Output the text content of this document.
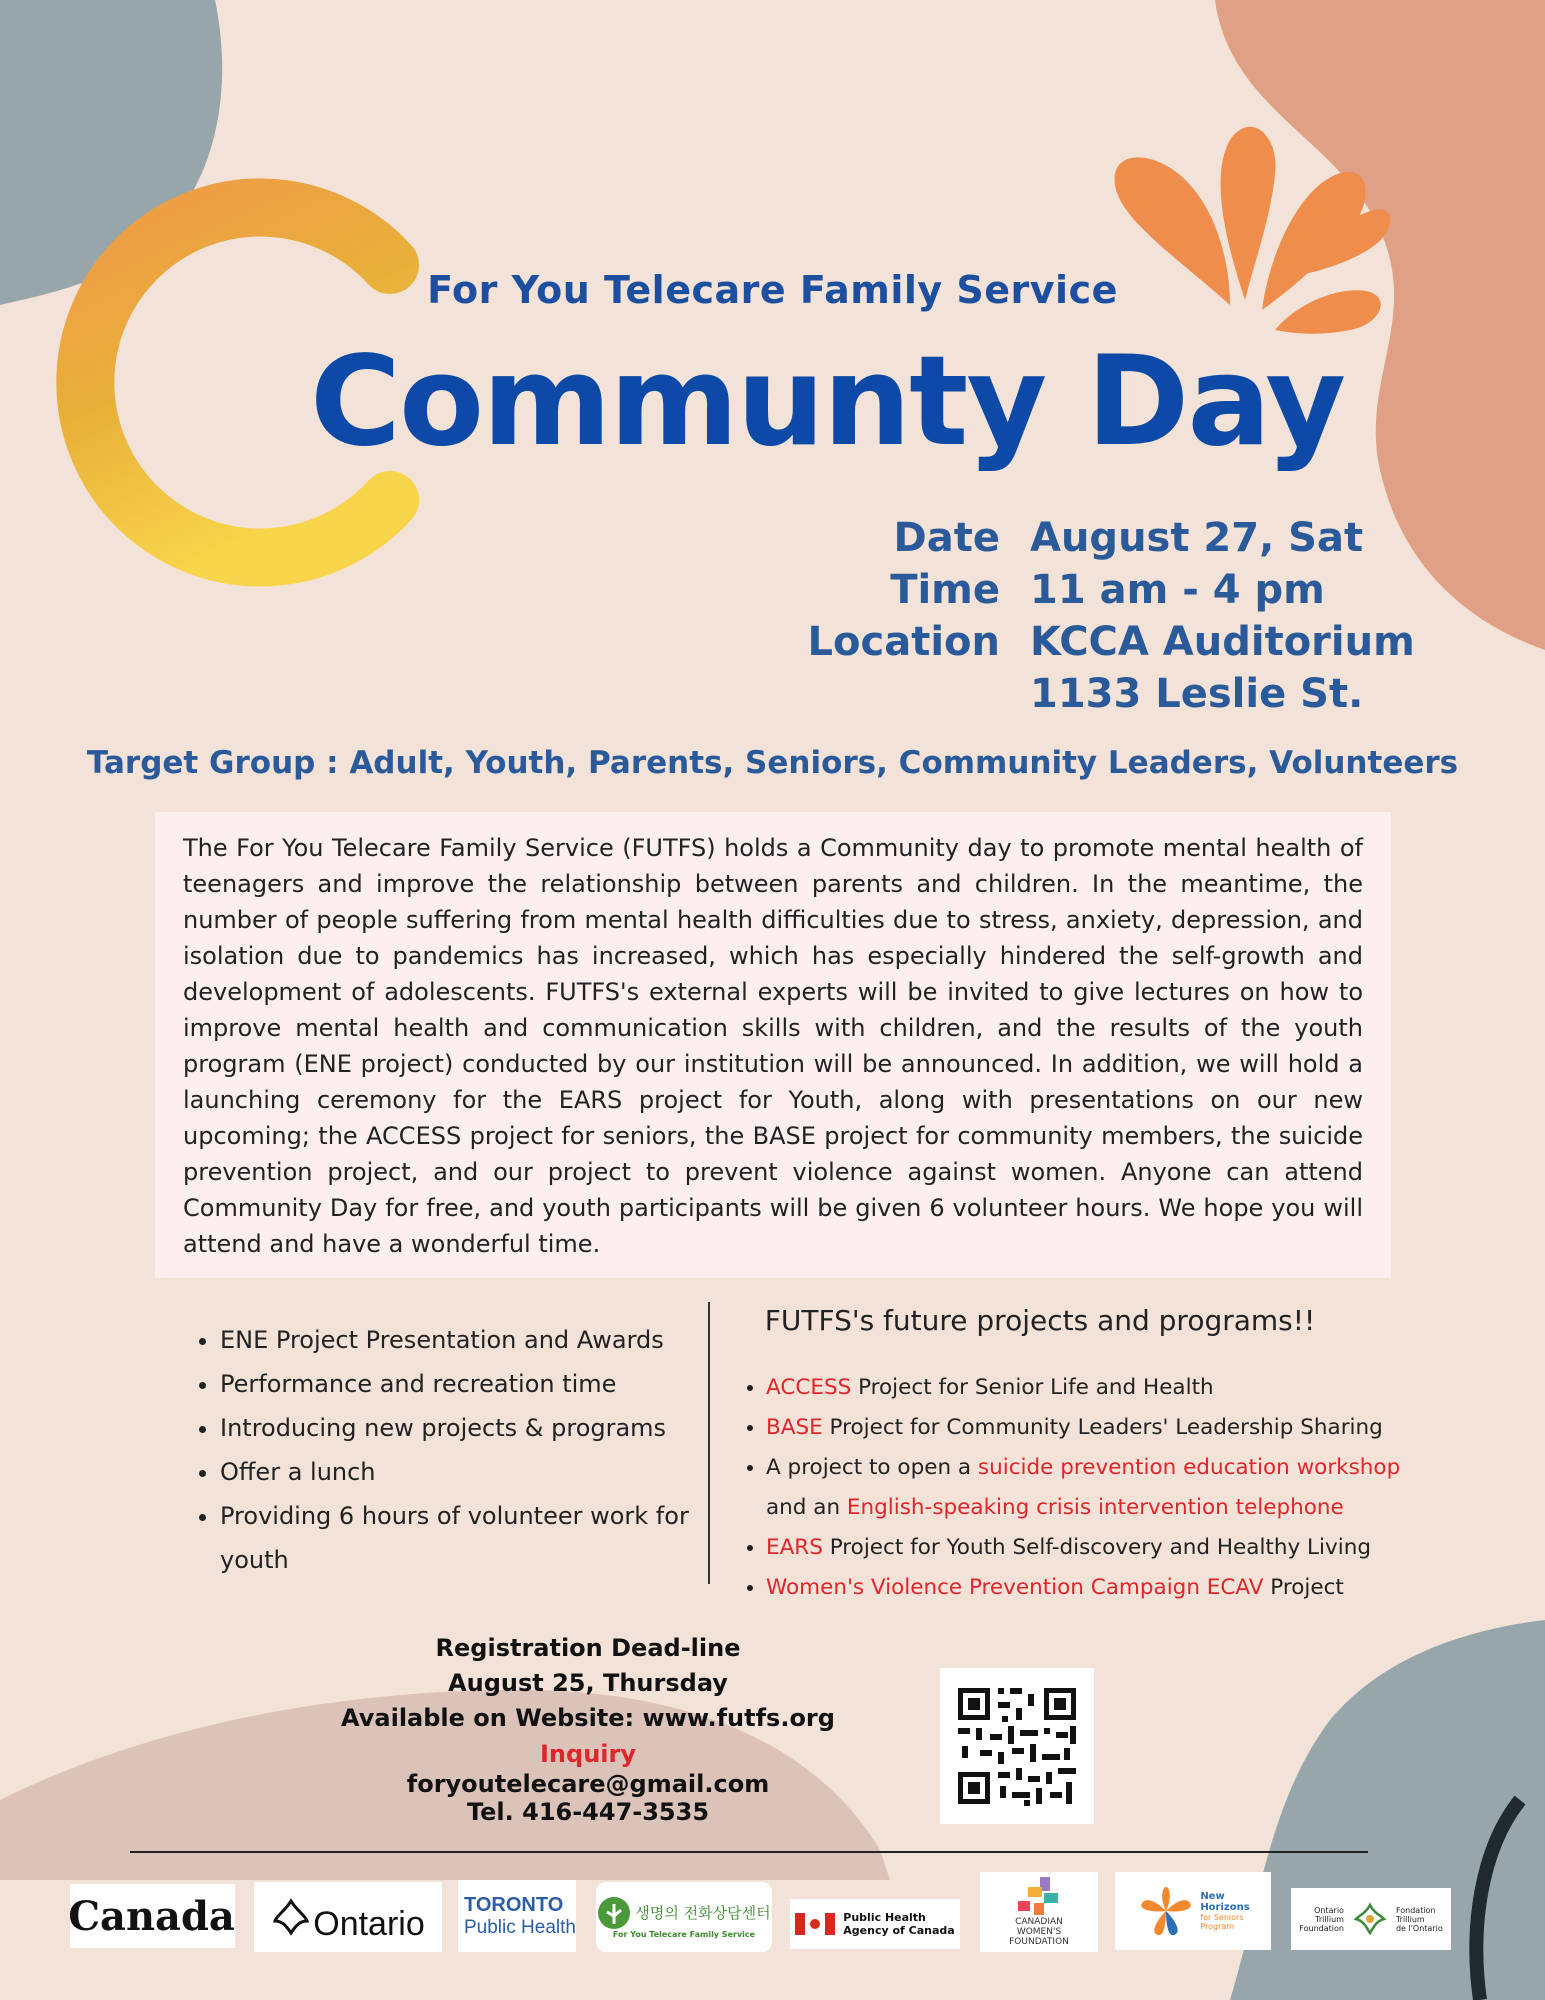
For You Telecare Family Service
Communty Day
Date August 27, Sat
Time 11 am - 4 pm
Location KCCA Auditorium
1133 Leslie St.
Target Group : Adult, Youth, Parents, Seniors, Community Leaders, Volunteers
The For You Telecare Family Service (FUTFS) holds a Community day to promote mental health of teenagers and improve the relationship between parents and children. In the meantime, the number of people suffering from mental health difficulties due to stress, anxiety, depression, and isolation due to pandemics has increased, which has especially hindered the self-growth and development of adolescents. FUTFS's external experts will be invited to give lectures on how to improve mental health and communication skills with children, and the results of the youth program (ENE project) conducted by our institution will be announced. In addition, we will hold a launching ceremony for the EARS project for Youth, along with presentations on our new upcoming; the ACCESS project for seniors, the BASE project for community members, the suicide prevention project, and our project to prevent violence against women. Anyone can attend Community Day for free, and youth participants will be given 6 volunteer hours. We hope you will attend and have a wonderful time.
• ENE Project Presentation and Awards
• Performance and recreation time
• Introducing new projects & programs
• Offer a lunch
• Providing 6 hours of volunteer work for youth
FUTFS's future projects and programs!!
• ACCESS Project for Senior Life and Health
• BASE Project for Community Leaders' Leadership Sharing
• A project to open a suicide prevention education workshop
and an English-speaking crisis intervention telephone
• EARS Project for Youth Self-discovery and Healthy Living
• Women's Violence Prevention Campaign ECAV Project
Registration Dead-line
August 25, Thursday
Available on Website: www.futfs.org
Inquiry
foryoutelecare@gmail.com
Tel. 416-447-3535
Canada Ontario TORONTO
Public Health
생명의 전화상담센터
For You Telecare Family Service
Public Health
Agency of Canada
CANADIAN
WOMEN'S
FOUNDATION
New
Horizons
for Seniors
Program
Ontario
Trillium
Foundation
Fondation
Trillium
de l'Ontario
